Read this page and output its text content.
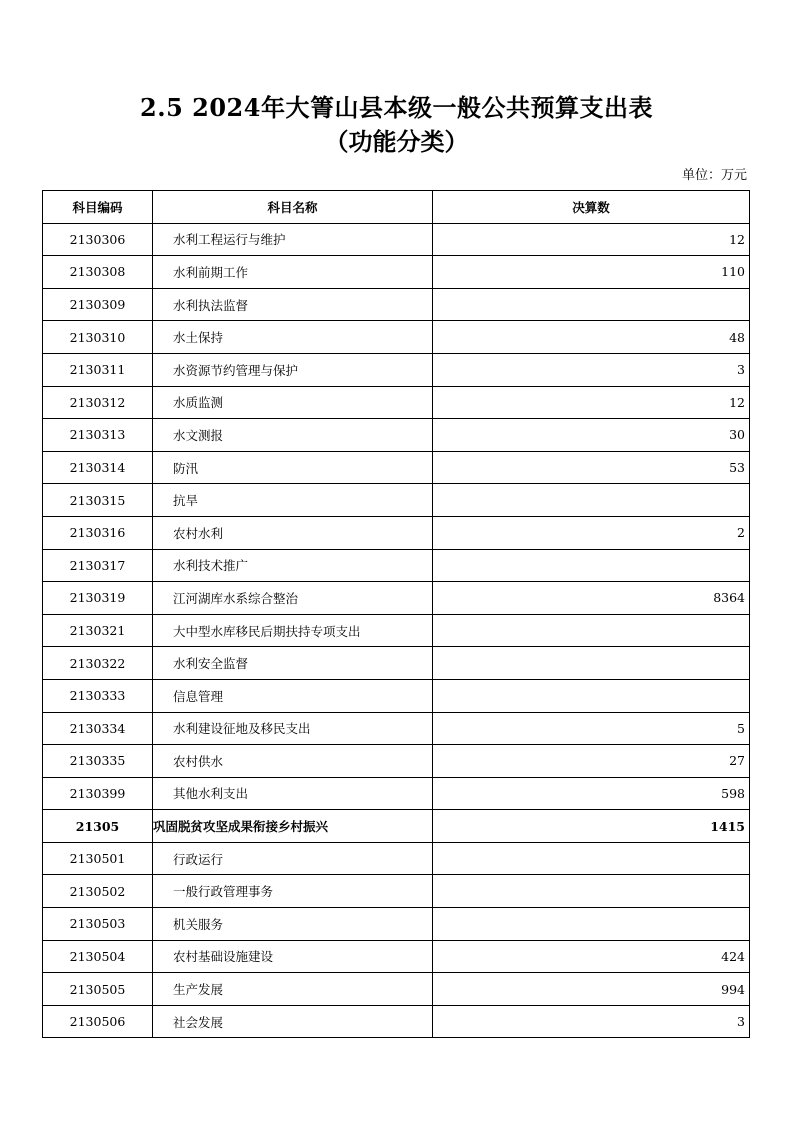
2.5 2024年大箐山县本级一般公共预算支出表
（功能分类）
单位：万元
科目编码	科目名称	决算数
2130306	水利工程运行与维护	12
2130308	水利前期工作	110
2130309	水利执法监督	
2130310	水土保持	48
2130311	水资源节约管理与保护	3
2130312	水质监测	12
2130313	水文测报	30
2130314	防汛	53
2130315	抗旱	
2130316	农村水利	2
2130317	水利技术推广	
2130319	江河湖库水系综合整治	8364
2130321	大中型水库移民后期扶持专项支出	
2130322	水利安全监督	
2130333	信息管理	
2130334	水利建设征地及移民支出	5
2130335	农村供水	27
2130399	其他水利支出	598
21305	巩固脱贫攻坚成果衔接乡村振兴	1415
2130501	行政运行	
2130502	一般行政管理事务	
2130503	机关服务	
2130504	农村基础设施建设	424
2130505	生产发展	994
2130506	社会发展	3
